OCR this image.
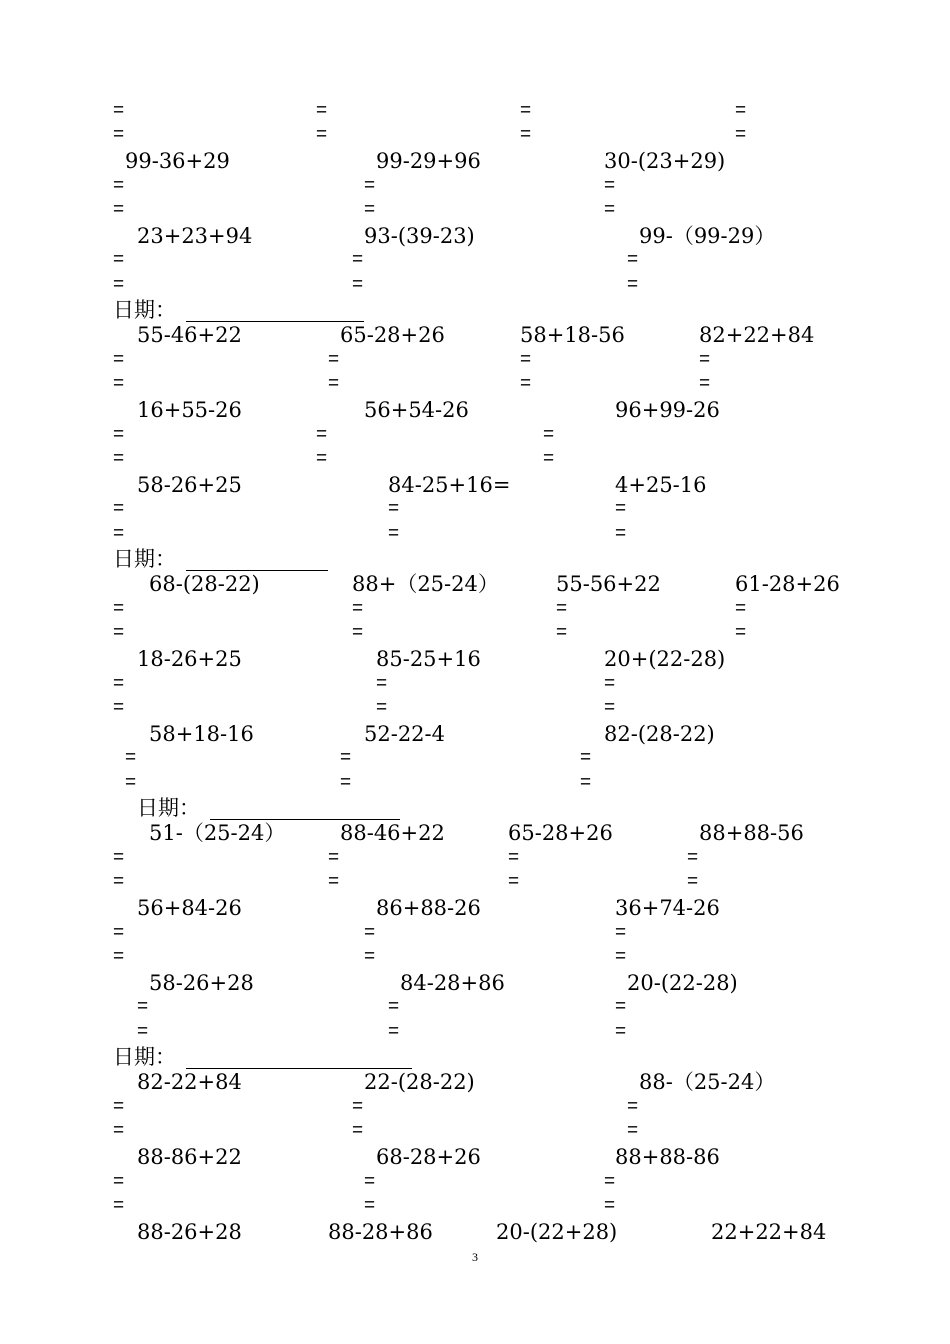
=
=
=
=
=
=
=
=
99-36+29	99-29+96	30-(23+29)
=
=
=
=
=
=
23+23+94	93-(39-23)	99-（99-29）
=
=
=
=
=
=
日期：
55-46+22	65-28+26	58+18-56	82+22+84
=
=
=
=
=
=
=
=
16+55-26	56+54-26	96+99-26
=
=
=
=
=
=
58-26+25	84-25+16=	4+25-16
=
=
=
=
=
=
日期：
68-(28-22)	88+（25-24）	55-56+22	61-28+26
=
=
=
=
=
=
=
=
18-26+25	85-25+16	20+(22-28)
=
=
=
=
=
=
58+18-16	52-22-4	82-(28-22)
=
=
=
=
=
=
日期：
51-（25-24）	88-46+22	65-28+26	88+88-56
=
=
=
=
=
=
=
=
56+84-26	86+88-26	36+74-26
=
=
=
=
=
=
58-26+28	84-28+86	20-(22-28)
=
=
=
=
=
=
日期：
82-22+84	22-(28-22)	88-（25-24）
=
=
=
=
=
=
88-86+22	68-28+26	88+88-86
=
=
=
=
=
=
88-26+28	88-28+86	20-(22+28)	22+22+84
3
